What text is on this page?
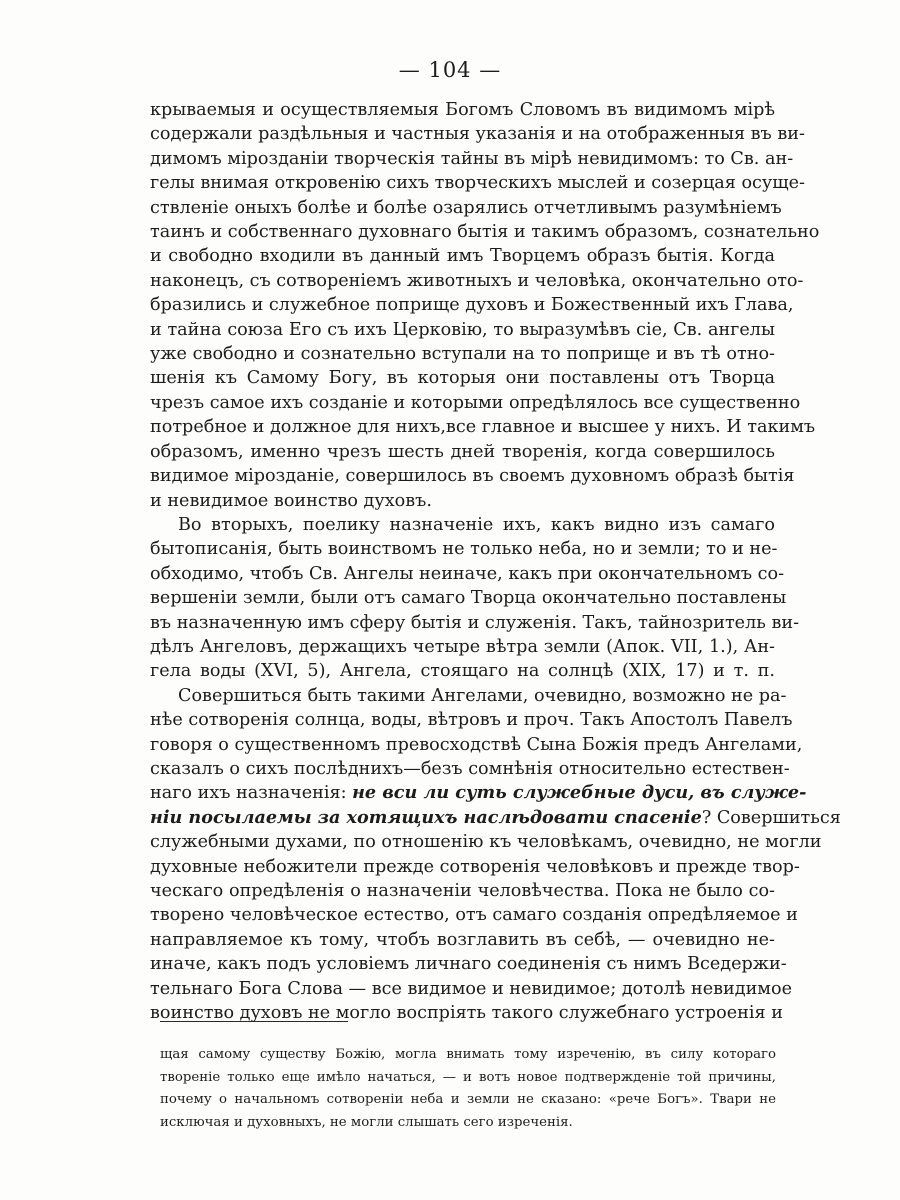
— 104 —
крываемыя и осуществляемыя Богомъ Словомъ въ видимомъ мірѣ
содержали раздѣльныя и частныя указанія и на отображенныя въ ви-
димомъ мірозданіи творческія тайны въ мірѣ невидимомъ: то Св. ан-
гелы внимая откровенію сихъ творческихъ мыслей и созерцая осуще-
ствленіе оныхъ болѣе и болѣе озарялись отчетливымъ разумѣніемъ
таинъ и собственнаго духовнаго бытія и такимъ образомъ, сознательно
и свободно входили въ данный имъ Творцемъ образъ бытія. Когда
наконецъ, съ сотвореніемъ животныхъ и человѣка, окончательно ото-
бразились и служебное поприще духовъ и Божественный ихъ Глава,
и тайна союза Его съ ихъ Церковію, то выразумѣвъ сіе, Св. ангелы
уже свободно и сознательно вступали на то поприще и въ тѣ отно-
шенія къ Самому Богу, въ которыя они поставлены отъ Творца
чрезъ самое ихъ созданіе и которыми опредѣлялось все существенно
потребное и должное для нихъ,все главное и высшее у нихъ. И такимъ
образомъ, именно чрезъ шесть дней творенія, когда совершилось
видимое мірозданіе, совершилось въ своемъ духовномъ образѣ бытія
и невидимое воинство духовъ.
Во вторыхъ, поелику назначеніе ихъ, какъ видно изъ самаго
бытописанія, быть воинствомъ не только неба, но и земли; то и не-
обходимо, чтобъ Св. Ангелы неиначе, какъ при окончательномъ со-
вершеніи земли, были отъ самаго Творца окончательно поставлены
въ назначенную имъ сферу бытія и служенія. Такъ, тайнозритель ви-
дѣлъ Ангеловъ, держащихъ четыре вѣтра земли (Апок. VII, 1.), Ан-
гела воды (XVI, 5), Ангела, стоящаго на солнцѣ (XIX, 17) и т. п.
Совершиться быть такими Ангелами, очевидно, возможно не ра-
нѣе сотворенія солнца, воды, вѣтровъ и проч. Такъ Апостолъ Павелъ
говоря о существенномъ превосходствѣ Сына Божія предъ Ангелами,
сказалъ о сихъ послѣднихъ—безъ сомнѣнія относительно естествен-
наго ихъ назначенія: не вси ли суть служебные дуси, въ служе-
ніи посылаемы за хотящихъ наслѣдовати спасеніе? Совершиться
служебными духами, по отношенію къ человѣкамъ, очевидно, не могли
духовные небожители прежде сотворенія человѣковъ и прежде твор-
ческаго опредѣленія о назначеніи человѣчества. Пока не было со-
творено человѣческое естество, отъ самаго созданія опредѣляемое и
направляемое къ тому, чтобъ возглавить въ себѣ, — очевидно не-
иначе, какъ подъ условіемъ личнаго соединенія съ нимъ Вседержи-
тельнаго Бога Слова — все видимое и невидимое; дотолѣ невидимое
воинство духовъ не могло воспріять такого служебнаго устроенія и
щая самому существу Божію, могла внимать тому изреченію, въ силу котораго
твореніе только еще имѣло начаться, — и вотъ новое подтвержденіе той причины,
почему о начальномъ сотвореніи неба и земли не сказано: «рече Богъ». Твари не
исключая и духовныхъ, не могли слышать сего изреченія.
